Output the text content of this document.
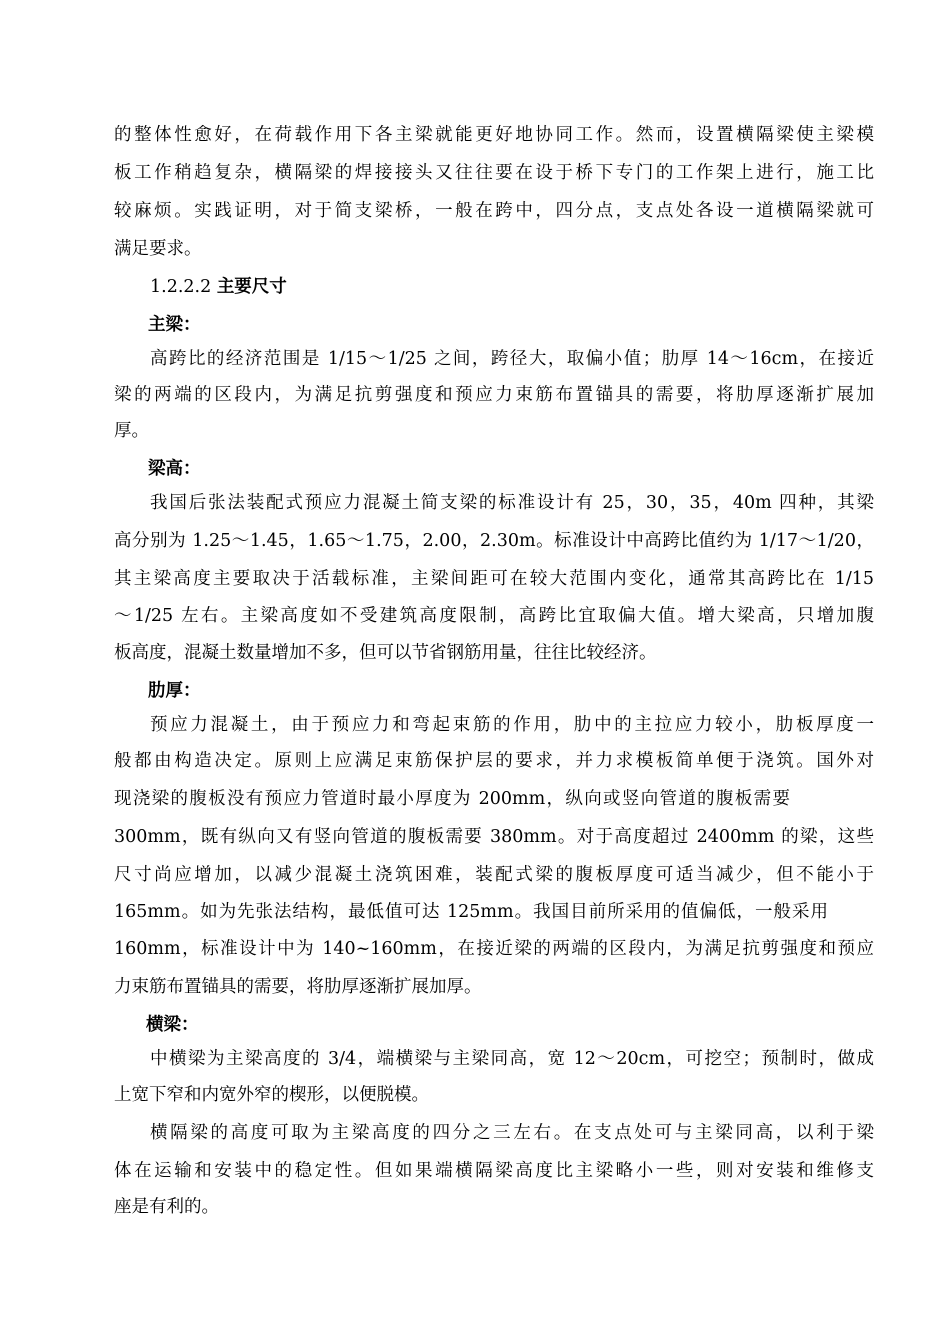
的整体性愈好，在荷载作用下各主梁就能更好地协同工作。然而，设置横隔梁使主梁模
板工作稍趋复杂，横隔梁的焊接接头又往往要在设于桥下专门的工作架上进行，施工比
较麻烦。实践证明，对于简支梁桥，一般在跨中，四分点，支点处各设一道横隔梁就可
满足要求。
1.2.2.2 主要尺寸
主梁：
高跨比的经济范围是 1/15～1/25 之间，跨径大，取偏小值；肋厚 14～16cm，在接近
梁的两端的区段内，为满足抗剪强度和预应力束筋布置锚具的需要，将肋厚逐渐扩展加
厚。
梁高：
我国后张法装配式预应力混凝土简支梁的标准设计有 25，30，35，40m 四种，其梁
高分别为 1.25～1.45，1.65～1.75，2.00，2.30m。标准设计中高跨比值约为 1/17～1/20，
其主梁高度主要取决于活载标准，主梁间距可在较大范围内变化，通常其高跨比在 1/15
～1/25 左右。主梁高度如不受建筑高度限制，高跨比宜取偏大值。增大梁高，只增加腹
板高度，混凝土数量增加不多，但可以节省钢筋用量，往往比较经济。
肋厚：
预应力混凝土，由于预应力和弯起束筋的作用，肋中的主拉应力较小，肋板厚度一
般都由构造决定。原则上应满足束筋保护层的要求，并力求模板简单便于浇筑。国外对
现浇梁的腹板没有预应力管道时最小厚度为 200mm，纵向或竖向管道的腹板需要
300mm，既有纵向又有竖向管道的腹板需要 380mm。对于高度超过 2400mm 的梁，这些
尺寸尚应增加，以减少混凝土浇筑困难，装配式梁的腹板厚度可适当减少，但不能小于
165mm。如为先张法结构，最低值可达 125mm。我国目前所采用的值偏低，一般采用
160mm，标准设计中为 140~160mm，在接近梁的两端的区段内，为满足抗剪强度和预应
力束筋布置锚具的需要，将肋厚逐渐扩展加厚。
横梁：
中横梁为主梁高度的 3/4，端横梁与主梁同高，宽 12～20cm，可挖空；预制时，做成
上宽下窄和内宽外窄的楔形，以便脱模。
横隔梁的高度可取为主梁高度的四分之三左右。在支点处可与主梁同高，以利于梁
体在运输和安装中的稳定性。但如果端横隔梁高度比主梁略小一些，则对安装和维修支
座是有利的。
